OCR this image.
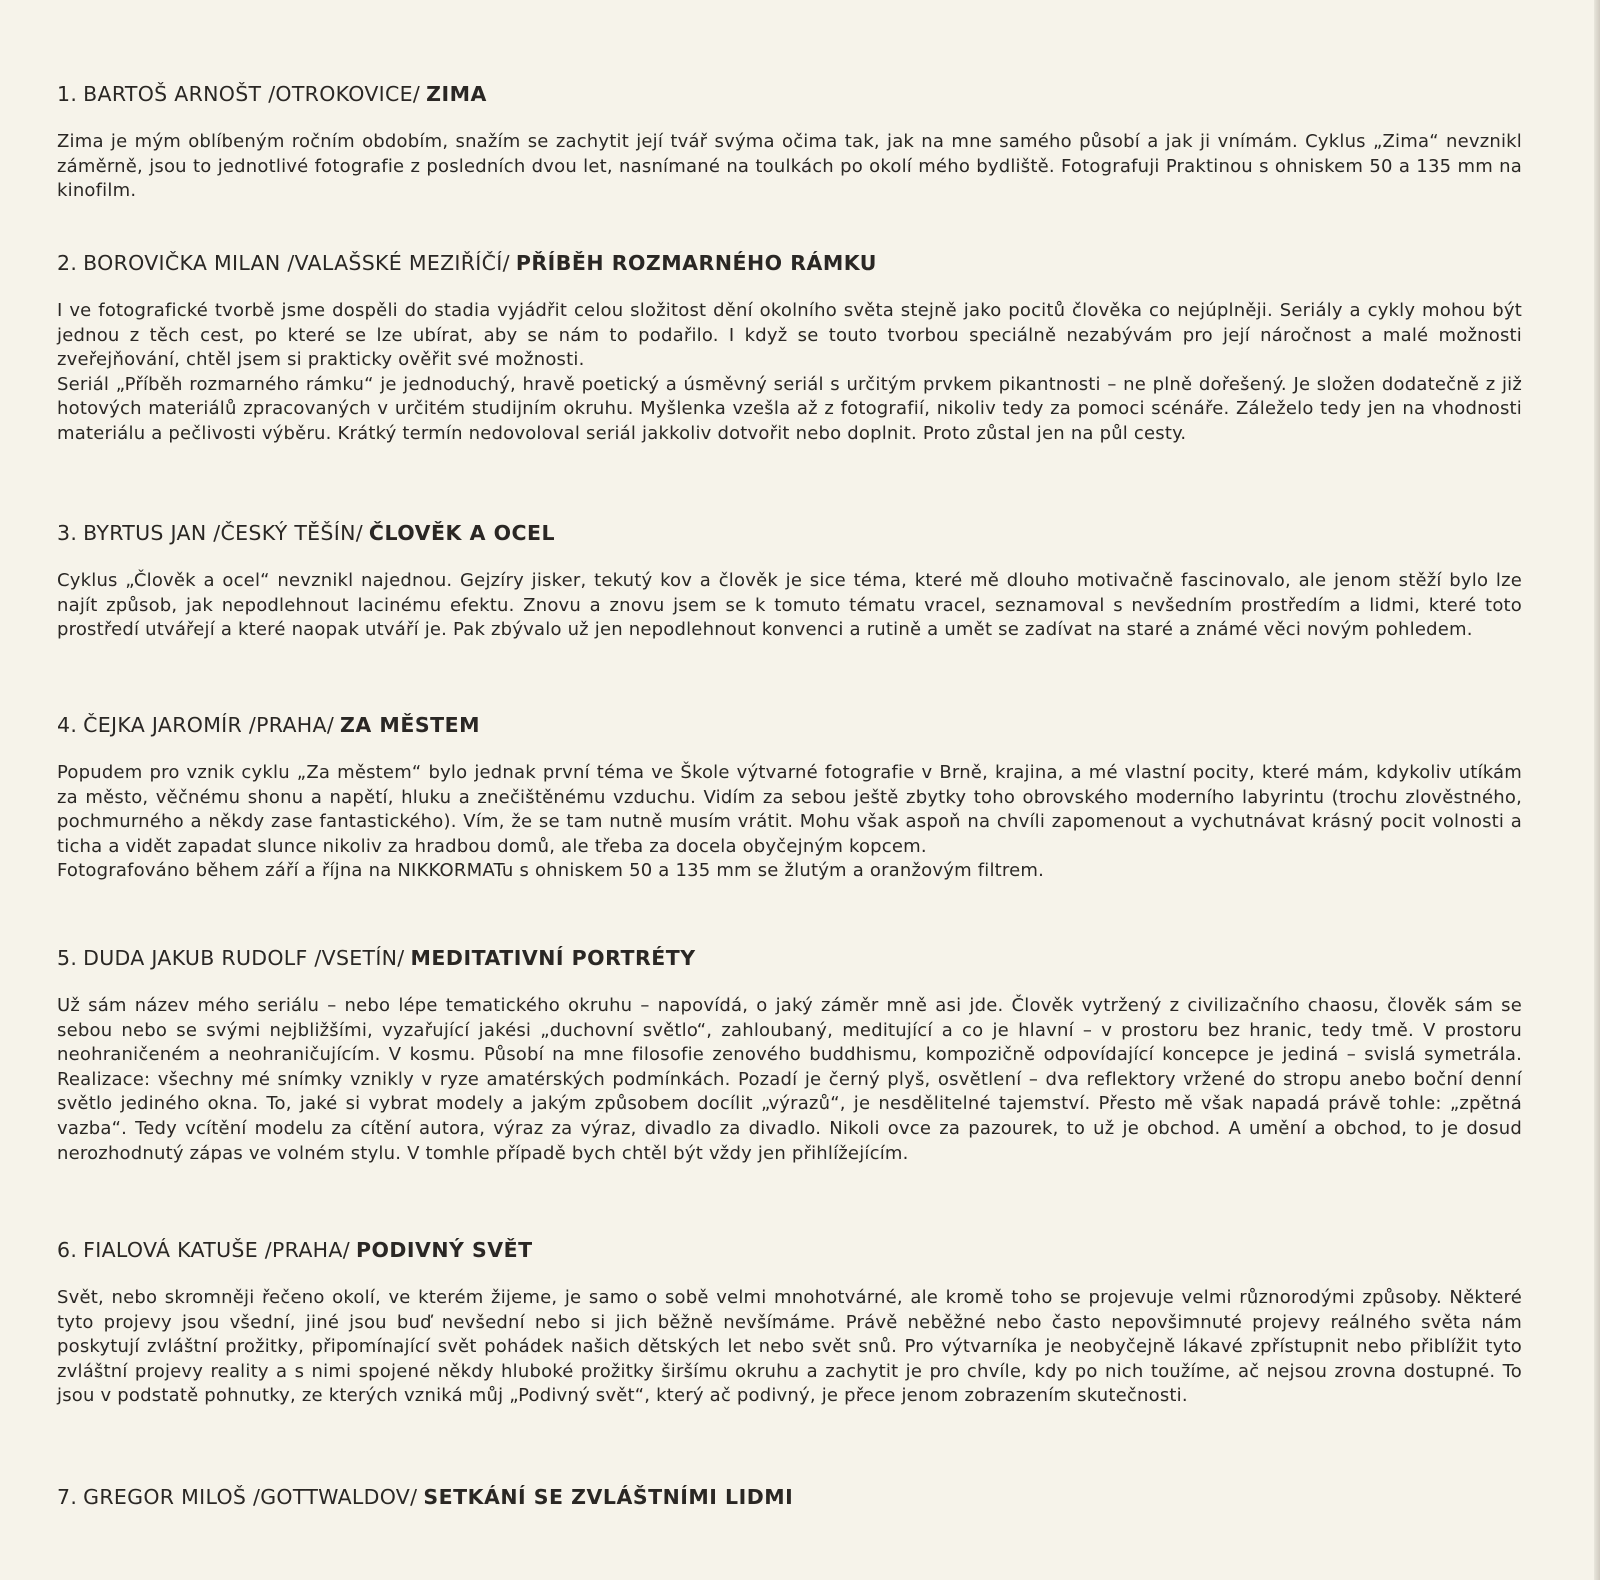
1. BARTOŠ ARNOŠT /OTROKOVICE/ ZIMA

Zima je mým oblíbeným ročním obdobím, snažím se zachytit její tvář svýma očima tak, jak na mne samého působí a jak ji vnímám. Cyklus „Zima“ nevznikl záměrně, jsou to jednotlivé fotografie z posledních dvou let, nasnímané na toulkách po okolí mého bydliště. Fotografuji Praktinou s ohniskem 50 a 135 mm na kinofilm.

2. BOROVIČKA MILAN /VALAŠSKÉ MEZIŘÍČÍ/ PŘÍBĚH ROZMARNÉHO RÁMKU

I ve fotografické tvorbě jsme dospěli do stadia vyjádřit celou složitost dění okolního světa stejně jako pocitů člověka co nejúplněji. Seriály a cykly mohou být jednou z těch cest, po které se lze ubírat, aby se nám to podařilo. I když se touto tvorbou speciálně nezabývám pro její náročnost a malé možnosti zveřejňování, chtěl jsem si prakticky ověřit své možnosti.

Seriál „Příběh rozmarného rámku“ je jednoduchý, hravě poetický a úsměvný seriál s určitým prvkem pikantnosti – ne plně dořešený. Je složen dodatečně z již hotových materiálů zpracovaných v určitém studijním okruhu. Myšlenka vzešla až z fotografií, nikoliv tedy za pomoci scénáře. Záleželo tedy jen na vhodnosti materiálu a pečlivosti výběru. Krátký termín nedovoloval seriál jakkoliv dotvořit nebo doplnit. Proto zůstal jen na půl cesty.

3. BYRTUS JAN /ČESKÝ TĚŠÍN/ ČLOVĚK A OCEL

Cyklus „Člověk a ocel“ nevznikl najednou. Gejzíry jisker, tekutý kov a člověk je sice téma, které mě dlouho motivačně fascinovalo, ale jenom stěží bylo lze najít způsob, jak nepodlehnout lacinému efektu. Znovu a znovu jsem se k tomuto tématu vracel, seznamoval s nevšedním prostředím a lidmi, které toto prostředí utvářejí a které naopak utváří je. Pak zbývalo už jen nepodlehnout konvenci a rutině a umět se zadívat na staré a známé věci novým pohledem.

4. ČEJKA JAROMÍR /PRAHA/ ZA MĚSTEM

Popudem pro vznik cyklu „Za městem“ bylo jednak první téma ve Škole výtvarné fotografie v Brně, krajina, a mé vlastní pocity, které mám, kdykoliv utíkám za město, věčnému shonu a napětí, hluku a znečištěnému vzduchu. Vidím za sebou ještě zbytky toho obrovského moderního labyrintu (trochu zlověstného, pochmurného a někdy zase fantastického). Vím, že se tam nutně musím vrátit. Mohu však aspoň na chvíli zapomenout a vychutnávat krásný pocit volnosti a ticha a vidět zapadat slunce nikoliv za hradbou domů, ale třeba za docela obyčejným kopcem.

Fotografováno během září a října na NIKKORMATu s ohniskem 50 a 135 mm se žlutým a oranžovým filtrem.

5. DUDA JAKUB RUDOLF /VSETÍN/ MEDITATIVNÍ PORTRÉTY

Už sám název mého seriálu – nebo lépe tematického okruhu – napovídá, o jaký záměr mně asi jde. Člověk vytržený z civilizačního chaosu, člověk sám se sebou nebo se svými nejbližšími, vyzařující jakési „duchovní světlo“, zahloubaný, meditující a co je hlavní – v prostoru bez hranic, tedy tmě. V prostoru neohraničeném a neohraničujícím. V kosmu. Působí na mne filosofie zenového buddhismu, kompozičně odpovídající koncepce je jediná – svislá symetrála. Realizace: všechny mé snímky vznikly v ryze amatérských podmínkách. Pozadí je černý plyš, osvětlení – dva reflektory vržené do stropu anebo boční denní světlo jediného okna. To, jaké si vybrat modely a jakým způsobem docílit „výrazů“, je nesdělitelné tajemství. Přesto mě však napadá právě tohle: „zpětná vazba“. Tedy vcítění modelu za cítění autora, výraz za výraz, divadlo za divadlo. Nikoli ovce za pazourek, to už je obchod. A umění a obchod, to je dosud nerozhodnutý zápas ve volném stylu. V tomhle případě bych chtěl být vždy jen přihlížejícím.

6. FIALOVÁ KATUŠE /PRAHA/ PODIVNÝ SVĚT

Svět, nebo skromněji řečeno okolí, ve kterém žijeme, je samo o sobě velmi mnohotvárné, ale kromě toho se projevuje velmi různorodými způsoby. Některé tyto projevy jsou všední, jiné jsou buď nevšední nebo si jich běžně nevšímáme. Právě neběžné nebo často nepovšimnuté projevy reálného světa nám poskytují zvláštní prožitky, připomínající svět pohádek našich dětských let nebo svět snů. Pro výtvarníka je neobyčejně lákavé zpřístupnit nebo přiblížit tyto zvláštní projevy reality a s nimi spojené někdy hluboké prožitky širšímu okruhu a zachytit je pro chvíle, kdy po nich toužíme, ač nejsou zrovna dostupné. To jsou v podstatě pohnutky, ze kterých vzniká můj „Podivný svět“, který ač podivný, je přece jenom zobrazením skutečnosti.

7. GREGOR MILOŠ /GOTTWALDOV/ SETKÁNÍ SE ZVLÁŠTNÍMI LIDMI
